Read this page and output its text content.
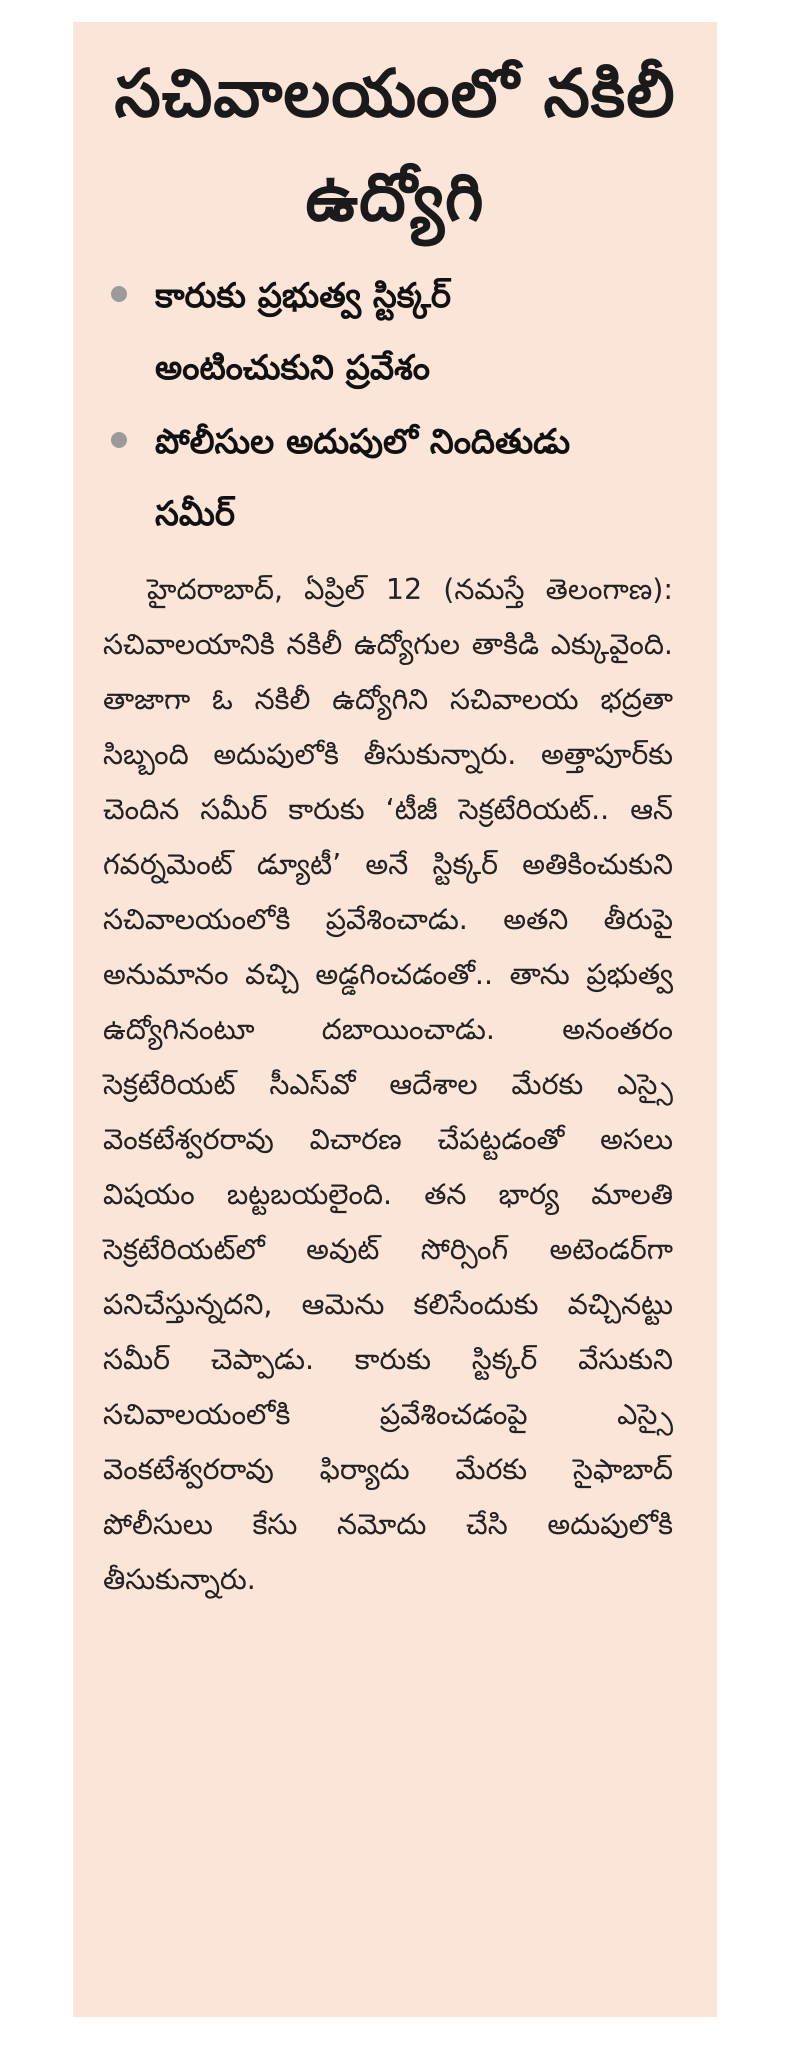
సచివాలయంలో నకిలీ ఉద్యోగి
కారుకు ప్రభుత్వ స్టిక్కర్ అంటించుకుని ప్రవేశం
పోలీసుల అదుపులో నిందితుడు సమీర్

హైదరాబాద్, ఏప్రిల్ 12 (నమస్తే తెలంగాణ): సచివాలయానికి నకిలీ ఉద్యోగుల తాకిడి ఎక్కువైంది. తాజాగా ఓ నకిలీ ఉద్యోగిని సచివాలయ భద్రతా సిబ్బంది అదుపులోకి తీసుకున్నారు. అత్తాపూర్‌కు చెందిన సమీర్ కారుకు ‘టీజీ సెక్రటేరియట్.. ఆన్ గవర్నమెంట్ డ్యూటీ’ అనే స్టిక్కర్ అతికించుకుని సచివాలయంలోకి ప్రవేశించాడు. అతని తీరుపై అనుమానం వచ్చి అడ్డగించడంతో.. తాను ప్రభుత్వ ఉద్యోగినంటూ దబాయించాడు. అనంతరం సెక్రటేరియట్ సీఎస్‌వో ఆదేశాల మేరకు ఎస్సై వెంకటేశ్వరరావు విచారణ చేపట్టడంతో అసలు విషయం బట్టబయలైంది. తన భార్య మాలతి సెక్రటేరియట్‌లో అవుట్ సోర్సింగ్ అటెండర్‌గా పనిచేస్తున్నదని, ఆమెను కలిసేందుకు వచ్చినట్టు సమీర్ చెప్పాడు. కారుకు స్టిక్కర్ వేసుకుని సచివాలయంలోకి ప్రవేశించడంపై ఎస్సై వెంకటేశ్వరరావు ఫిర్యాదు మేరకు సైఫాబాద్ పోలీసులు కేసు నమోదు చేసి అదుపులోకి తీసుకున్నారు.
